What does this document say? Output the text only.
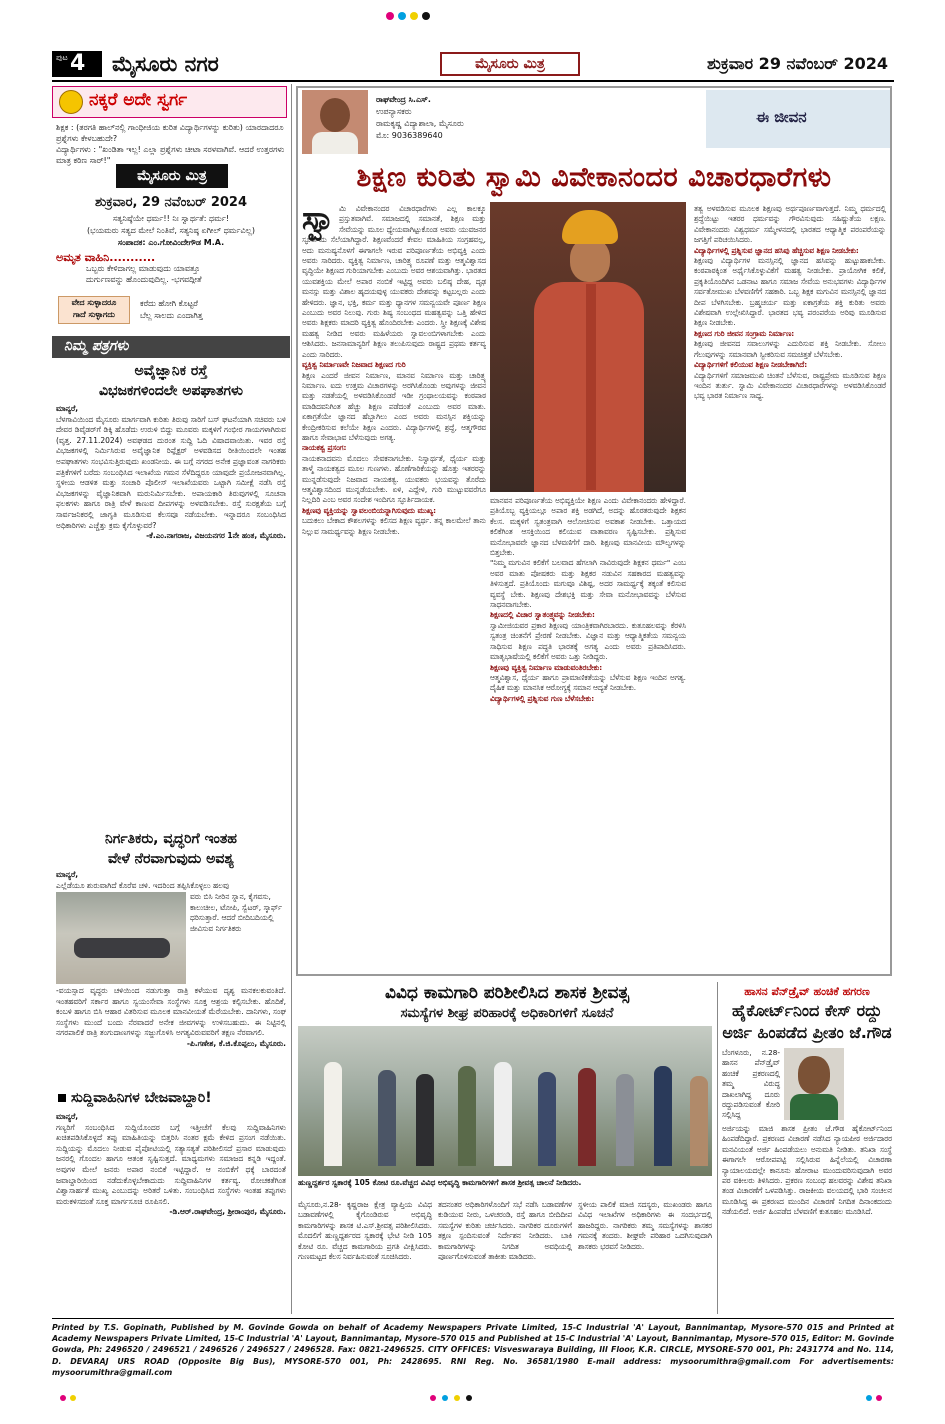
ಪುಟ 4 ಮೈಸೂರು ನಗರ	ಮೈಸೂರು ಮಿತ್ರ	ಶುಕ್ರವಾರ 29 ನವೆಂಬರ್ 2024
ನಕ್ಕರೆ ಅದೇ ಸ್ವರ್ಗ

ಶಿಕ್ಷಕ : (ತರಗತಿ ಹಾಲ್‌ನಲ್ಲಿ ಗಾಂಧೀಜಿಯ ಕುರಿತ ವಿದ್ಯಾರ್ಥಿಗಳನ್ನು ಕುರಿತು) ಯಾರದಾದರೂ ಪ್ರಶ್ನೆಗಳು ಕೇಳಬಹುದೇ?

ವಿದ್ಯಾರ್ಥಿಗಳು : "ಖಂಡಿತಾ ಇಲ್ಲ! ಎಲ್ಲಾ ಪ್ರಶ್ನೆಗಳು ಚೀಟಾ ಸರಳವಾಗಿವೆ. ಆದರೆ ಉತ್ತರಗಳು ಮಾತ್ರ ಕಠಿಣ ಸಾರ್!"

ಮೈಸೂರು ಮಿತ್ರ
ಶುಕ್ರವಾರ, 29 ನವೆಂಬರ್ 2024
ಸತ್ಯನಿಷ್ಠೆಯೇ ಧರ್ಮ!! ನಿಃ ಸ್ವಾರ್ಥತೆ: ಧರ್ಮ!
(ಭಯಮರು ಸತ್ಯದ ಮೇಲೆ ನಿಂತಿವೆ, ಸತ್ಯನಿಷ್ಠ ಏಗೀಲ್‌ ಧರ್ಮವಿಲ್ಲ)
ಸಂಪಾದಕ: ಎಂ.ಗೋವಿಂದೇಗೌಡ M.A.
ಅಮೃತ ವಾಹಿನಿ...........
ಒಬ್ಬರು ಕೇಳಿದಾಗಲ್ಲ ಮಾಡುವುದು ಯಾವತ್ತೂ
ದುರ್ಗುಣವನ್ನು ಹೊಂದುವುದಿಲ್ಲ. -ಭಗವದ್ಗೀತೆ
ವೇದ ಸುಳ್ಳಾದರೂ
ಗಾದೆ ಸುಳ್ಳಾಗದು
ಕರೆದು ಹೋಗಿ ಕೊಟ್ಟರೆ
ಬೆಲ್ಲ ಸಾಲದು ಎಂದಾಗಿತ್ತ
ನಿಮ್ಮ ಪತ್ರಗಳು
ಅವೈಜ್ಞಾನಿಕ ರಸ್ತೆ
ವಿಭಜಕಗಳಿಂದಲೇ ಅಪಘಾತಗಳು
ಮಾನ್ಯರೆ,
ಬೆಳಗಾವಿಯಿಂದ ಮೈಸೂರು ಮಾರ್ಗವಾಗಿ ಕುರಿತು ತಿರುವು ಸಾರಿಗೆ ಬಸ್ ಘಟನೆಯಾಗಿ ಸಚಿವರು ಬಳಿ ದೇವರ ಡಿವೈಡರ್‌ಗೆ ಡಿಕ್ಕಿ ಹೊಡೆದು ಉರುಳಿ ಬಿದ್ದು ಮೂವರು ಮಕ್ಕಳಿಗೆ ಗಂಭೀರ ಗಾಯಗಳಾಗಿರುವ (ವೃತ್ತ. 27.11.2024) ಅವಘಡದ ದುರಂತ ಸುದ್ದಿ ಓದಿ ವಿಷಾದವಾಯಿತು. ಇವರ ರಸ್ತೆ ವಿಭಜಕಗಳಲ್ಲಿ ನಿರ್ಮಿಸಿರುವ ಅವೈಜ್ಞಾನಿಕ ರಿಫ್ಲೆಕ್ಟರ್ ಅಳವಡಿಸದ ರೀತಿಯಿಂದಲೇ ಇಂತಹ ಅಪಘಾತಗಳು ಸಂಭವಿಸುತ್ತಿರುವುದು ಖಂಡನೀಯ. ಈ ಬಗ್ಗೆ ನಗರದ ಅನೇಕ ಪ್ರಜ್ಞಾವಂತ ನಾಗರಿಕರು ಪತ್ರಿಕೆಗಳಿಗೆ ಬರೆದು ಸಂಬಂಧಿಸಿದ ಇಲಾಖೆಯ ಗಮನ ಸೆಳೆದಿದ್ದರೂ ಯಾವುದೇ ಪ್ರಯೋಜನವಾಗಿಲ್ಲ. ಸ್ಥಳೀಯ ಆಡಳಿತ ಮತ್ತು ಸಂಚಾರಿ ಪೊಲೀಸ್ ಇಲಾಖೆಯವರು ಒಟ್ಟಾಗಿ ಸಮೀಕ್ಷೆ ನಡೆಸಿ ರಸ್ತೆ ವಿಭಜಕಗಳನ್ನು ವೈಜ್ಞಾನಿಕವಾಗಿ ಮರುನಿರ್ಮಿಸಬೇಕು. ಅಪಾಯಕಾರಿ ತಿರುವುಗಳಲ್ಲಿ ಸೂಚನಾ ಫಲಕಗಳು ಹಾಗೂ ರಾತ್ರಿ ವೇಳೆ ಕಾಣುವ ದೀಪಗಳನ್ನು ಅಳವಡಿಸಬೇಕು. ರಸ್ತೆ ಸುರಕ್ಷತೆಯ ಬಗ್ಗೆ ಸಾರ್ವಜನಿಕರಲ್ಲಿ ಜಾಗೃತಿ ಮೂಡಿಸುವ ಕೆಲಸವೂ ನಡೆಯಬೇಕು. ಇನ್ನಾದರೂ ಸಂಬಂಧಿಸಿದ ಅಧಿಕಾರಿಗಳು ಎಚ್ಚೆತ್ತು ಕ್ರಮ ಕೈಗೊಳ್ಳುವರೆ?
-ಕೆ.ಎಂ.ನಾಗರಾಜ, ವಿಜಯನಗರ 1ನೇ ಹಂತ, ಮೈಸೂರು.
ನಿರ್ಗತಿಕರು, ವೃದ್ಧರಿಗೆ ಇಂತಹ
ವೇಳೆ ನೆರವಾಗುವುದು ಅವಶ್ಯ
ಮಾನ್ಯರೆ,
ಎಲ್ಲೆಡೆಯೂ ಶುರುವಾಗಿದೆ ಕೊರೆವ ಚಳಿ. ಇದರಿಂದ ತಪ್ಪಿಸಿಕೊಳ್ಳಲು ಹಲವು
ವರು ಬಿಸಿ ನೀರಿನ ಸ್ನಾನ, ಕೈಗವಸು, ಕಾಲುಚೀಲ, ಟೋಪಿ, ಸ್ವೆಟರ್, ಸ್ಕಾರ್ಫ್ ಧರಿಸುತ್ತಾರೆ. ಆದರೆ ಬೀದಿಬದಿಯಲ್ಲಿ ಜೀವಿಸುವ ನಿರ್ಗತಿಕರು
-ವಯಸ್ಸಾದ ವೃದ್ಧರು ಚಳಿಯಿಂದ ನಡುಗುತ್ತಾ ರಾತ್ರಿ ಕಳೆಯುವ ದೃಶ್ಯ ಮನಕಲಕುವಂತಿದೆ. ಇಂತಹವರಿಗೆ ಸರ್ಕಾರ ಹಾಗೂ ಸ್ವಯಂಸೇವಾ ಸಂಸ್ಥೆಗಳು ಸೂಕ್ತ ಆಶ್ರಯ ಕಲ್ಪಿಸಬೇಕು. ಹೊದಿಕೆ, ಕಂಬಳಿ ಹಾಗೂ ಬಿಸಿ ಆಹಾರ ವಿತರಿಸುವ ಮೂಲಕ ಮಾನವೀಯತೆ ಮೆರೆಯಬೇಕು. ದಾನಿಗಳು, ಸಂಘ ಸಂಸ್ಥೆಗಳು ಮುಂದೆ ಬಂದು ನೆರವಾದರೆ ಅನೇಕ ಜೀವಗಳನ್ನು ಉಳಿಸಬಹುದು. ಈ ನಿಟ್ಟಿನಲ್ಲಿ ನಗರಪಾಲಿಕೆ ರಾತ್ರಿ ತಂಗುದಾಣಗಳನ್ನು ಸಜ್ಜುಗೊಳಿಸಿ ಅಗತ್ಯವಿರುವವರಿಗೆ ತಕ್ಷಣ ನೆರವಾಗಲಿ.
-ಪಿ.ಗಣೇಶ, ಕೆ.ಜಿ.ಕೊಪ್ಪಲು, ಮೈಸೂರು.
ಸುದ್ದಿವಾಹಿನಿಗಳ ಬೇಜವಾಬ್ದಾರಿ!
ಮಾನ್ಯರೆ,
ಗಣ್ಯರಿಗೆ ಸಂಬಂಧಿಸಿದ ಸುದ್ದಿಯೊಂದರ ಬಗ್ಗೆ ಇತ್ತೀಚೆಗೆ ಕೆಲವು ಸುದ್ದಿವಾಹಿನಿಗಳು ಖಚಿತಪಡಿಸಿಕೊಳ್ಳದೆ ತಪ್ಪು ಮಾಹಿತಿಯನ್ನು ಬಿತ್ತರಿಸಿ ನಂತರ ಕ್ಷಮೆ ಕೇಳಿದ ಪ್ರಸಂಗ ನಡೆಯಿತು. ಸುದ್ದಿಯನ್ನು ಮೊದಲು ನೀಡುವ ಪೈಪೋಟಿಯಲ್ಲಿ ಸತ್ಯಾಸತ್ಯತೆ ಪರಿಶೀಲಿಸದೆ ಪ್ರಸಾರ ಮಾಡುವುದು ಜನರಲ್ಲಿ ಗೊಂದಲ ಹಾಗೂ ಆತಂಕ ಸೃಷ್ಟಿಸುತ್ತದೆ. ಮಾಧ್ಯಮಗಳು ಸಮಾಜದ ಕನ್ನಡಿ ಇದ್ದಂತೆ. ಅವುಗಳ ಮೇಲೆ ಜನರು ಅಪಾರ ನಂಬಿಕೆ ಇಟ್ಟಿದ್ದಾರೆ. ಆ ನಂಬಿಕೆಗೆ ಧಕ್ಕೆ ಬಾರದಂತೆ ಜವಾಬ್ದಾರಿಯಿಂದ ನಡೆದುಕೊಳ್ಳಬೇಕಾದುದು ಸುದ್ದಿವಾಹಿನಿಗಳ ಕರ್ತವ್ಯ. ರೋಚಕತೆಗಿಂತ ವಿಶ್ವಾಸಾರ್ಹತೆ ಮುಖ್ಯ ಎಂಬುದನ್ನು ಅರಿತರೆ ಒಳಿತು. ಸಂಬಂಧಿಸಿದ ಸಂಸ್ಥೆಗಳು ಇಂತಹ ತಪ್ಪುಗಳು ಮರುಕಳಿಸದಂತೆ ಸೂಕ್ತ ಮಾರ್ಗಸೂಚಿ ರೂಪಿಸಲಿ.
-ಡಿ.ಆರ್.ರಾಘವೇಂದ್ರ, ಶ್ರೀರಾಂಪುರ, ಮೈಸೂರು.
ರಾಘವೇಂದ್ರ ಸಿ.ಎಸ್.
ಉಪನ್ಯಾಸಕರು
ರಾಮಕೃಷ್ಣ ವಿದ್ಯಾಶಾಲಾ, ಮೈಸೂರು
ಮೊ: 9036389640
ಈ ಜೀವನ
ಶಿಕ್ಷಣ ಕುರಿತು ಸ್ವಾಮಿ ವಿವೇಕಾನಂದರ ವಿಚಾರಧಾರೆಗಳು
ಸ್ವಾ ಮಿ ವಿವೇಕಾನಂದರ ವಿಚಾರಧಾರೆಗಳು ಎಲ್ಲ ಕಾಲಕ್ಕೂ ಪ್ರಸ್ತುತವಾಗಿವೆ. ಸಮಾಜದಲ್ಲಿ ಸಮಾನತೆ, ಶಿಕ್ಷಣ ಮತ್ತು ಸೇವೆಯನ್ನು ಮೂಲ ಧ್ಯೇಯವಾಗಿಟ್ಟುಕೊಂಡ ಅವರು ಯುವಜನರ ಸ್ಫೂರ್ತಿಯ ಸೆಲೆಯಾಗಿದ್ದಾರೆ. ಶಿಕ್ಷಣವೆಂದರೆ ಕೇವಲ ಮಾಹಿತಿಯ ಸಂಗ್ರಹವಲ್ಲ, ಅದು ಮನುಷ್ಯನೊಳಗೆ ಈಗಾಗಲೇ ಇರುವ ಪರಿಪೂರ್ಣತೆಯ ಅಭಿವ್ಯಕ್ತಿ ಎಂದು ಅವರು ಸಾರಿದರು. ವ್ಯಕ್ತಿತ್ವ ನಿರ್ಮಾಣ, ಚಾರಿತ್ರ್ಯ ರೂಪಣೆ ಮತ್ತು ಆತ್ಮವಿಶ್ವಾಸದ ವೃದ್ಧಿಯೇ ಶಿಕ್ಷಣದ ಗುರಿಯಾಗಬೇಕು ಎಂಬುದು ಅವರ ಆಶಯವಾಗಿತ್ತು. ಭಾರತದ ಯುವಶಕ್ತಿಯ ಮೇಲೆ ಅಪಾರ ನಂಬಿಕೆ ಇಟ್ಟಿದ್ದ ಅವರು ಬಲಿಷ್ಠ ದೇಹ, ದೃಢ ಮನಸ್ಸು ಮತ್ತು ವಿಶಾಲ ಹೃದಯವುಳ್ಳ ಯುವಕರು ದೇಶವನ್ನು ಕಟ್ಟಬಲ್ಲರು ಎಂದು ಹೇಳಿದರು. ಜ್ಞಾನ, ಭಕ್ತಿ, ಕರ್ಮ ಮತ್ತು ಧ್ಯಾನಗಳ ಸಮನ್ವಯವೇ ಪೂರ್ಣ ಶಿಕ್ಷಣ ಎಂಬುದು ಅವರ ನಿಲುವು. ಗುರು ಶಿಷ್ಯ ಸಂಬಂಧದ ಮಹತ್ವವನ್ನು ಒತ್ತಿ ಹೇಳಿದ ಅವರು ಶಿಕ್ಷಕರು ಮಾದರಿ ವ್ಯಕ್ತಿತ್ವ ಹೊಂದಿರಬೇಕು ಎಂದರು. ಸ್ತ್ರೀ ಶಿಕ್ಷಣಕ್ಕೆ ವಿಶೇಷ ಮಹತ್ವ ನೀಡಿದ ಅವರು ಮಹಿಳೆಯರು ಸ್ವಾವಲಂಬಿಗಳಾಗಬೇಕು ಎಂದು ಆಶಿಸಿದರು. ಜನಸಾಮಾನ್ಯರಿಗೆ ಶಿಕ್ಷಣ ತಲುಪಿಸುವುದು ರಾಷ್ಟ್ರದ ಪ್ರಥಮ ಕರ್ತವ್ಯ ಎಂದು ಸಾರಿದರು.
ವ್ಯಕ್ತಿತ್ವ ನಿರ್ಮಾಣವೇ ನಿಜವಾದ ಶಿಕ್ಷಣದ ಗುರಿ
ಶಿಕ್ಷಣ ಎಂದರೆ ಜೀವನ ನಿರ್ಮಾಣ, ಮಾನವ ನಿರ್ಮಾಣ ಮತ್ತು ಚಾರಿತ್ರ್ಯ ನಿರ್ಮಾಣ. ಐದು ಉತ್ತಮ ವಿಚಾರಗಳನ್ನು ಅರಗಿಸಿಕೊಂಡು ಅವುಗಳನ್ನು ಜೀವನ ಮತ್ತು ನಡತೆಯಲ್ಲಿ ಅಳವಡಿಸಿಕೊಂಡರೆ ಇಡೀ ಗ್ರಂಥಾಲಯವನ್ನು ಕಂಠಪಾಠ ಮಾಡಿದವನಿಗಿಂತ ಹೆಚ್ಚು ಶಿಕ್ಷಣ ಪಡೆದಂತೆ ಎಂಬುದು ಅವರ ಮಾತು. ಏಕಾಗ್ರತೆಯೇ ಜ್ಞಾನದ ಹೆಬ್ಬಾಗಿಲು ಎಂದ ಅವರು ಮನಸ್ಸಿನ ಶಕ್ತಿಯನ್ನು ಕೇಂದ್ರೀಕರಿಸುವ ಕಲೆಯೇ ಶಿಕ್ಷಣ ಎಂದರು. ವಿದ್ಯಾರ್ಥಿಗಳಲ್ಲಿ ಶ್ರದ್ಧೆ, ಆತ್ಮಗೌರವ ಹಾಗೂ ಸೇವಾಭಾವ ಬೆಳೆಸುವುದು ಅಗತ್ಯ.
ನಾಯಕತ್ವ ಪ್ರಸಂಗ:
ನಾಯಕನಾದವನು ಮೊದಲು ಸೇವಕನಾಗಬೇಕು. ನಿಸ್ವಾರ್ಥತೆ, ಧೈರ್ಯ ಮತ್ತು ತಾಳ್ಮೆ ನಾಯಕತ್ವದ ಮೂಲ ಗುಣಗಳು. ಹೊಣೆಗಾರಿಕೆಯನ್ನು ಹೊತ್ತು ಇತರರನ್ನು ಮುನ್ನಡೆಸುವುದೇ ನಿಜವಾದ ನಾಯಕತ್ವ. ಯುವಕರು ಭಯವನ್ನು ತೊರೆದು ಆತ್ಮವಿಶ್ವಾಸದಿಂದ ಮುನ್ನಡೆಯಬೇಕು. ಏಳಿ, ಎದ್ದೇಳಿ, ಗುರಿ ಮುಟ್ಟುವವರೆಗೂ ನಿಲ್ಲದಿರಿ ಎಂಬ ಅವರ ಸಂದೇಶ ಇಂದಿಗೂ ಸ್ಫೂರ್ತಿದಾಯಕ.
ಶಿಕ್ಷಣವು ವ್ಯಕ್ತಿಯನ್ನು ಸ್ವಾವಲಂಬಿಯನ್ನಾಗಿಸುವುದು ಮುಖ್ಯ:
ಬದುಕಲು ಬೇಕಾದ ಕೌಶಲಗಳನ್ನು ಕಲಿಸದ ಶಿಕ್ಷಣ ವ್ಯರ್ಥ. ತನ್ನ ಕಾಲಮೇಲೆ ತಾನು ನಿಲ್ಲುವ ಸಾಮರ್ಥ್ಯವನ್ನು ಶಿಕ್ಷಣ ನೀಡಬೇಕು.
ಮಾನವನ ಪರಿಪೂರ್ಣತೆಯ ಅಭಿವ್ಯಕ್ತಿಯೇ ಶಿಕ್ಷಣ ಎಂದು ವಿವೇಕಾನಂದರು ಹೇಳಿದ್ದಾರೆ. ಪ್ರತಿಯೊಬ್ಬ ವ್ಯಕ್ತಿಯಲ್ಲೂ ಅಪಾರ ಶಕ್ತಿ ಅಡಗಿದೆ, ಅದನ್ನು ಹೊರತರುವುದೇ ಶಿಕ್ಷಕನ ಕೆಲಸ. ಮಕ್ಕಳಿಗೆ ಸ್ವತಂತ್ರವಾಗಿ ಆಲೋಚಿಸುವ ಅವಕಾಶ ನೀಡಬೇಕು. ಒತ್ತಾಯದ ಕಲಿಕೆಗಿಂತ ಆಸಕ್ತಿಯಿಂದ ಕಲಿಯುವ ವಾತಾವರಣ ಸೃಷ್ಟಿಸಬೇಕು. ಪ್ರಶ್ನಿಸುವ ಮನೋಭಾವವೇ ಜ್ಞಾನದ ಬೆಳವಣಿಗೆಗೆ ದಾರಿ. ಶಿಕ್ಷಣವು ಮಾನವೀಯ ಮೌಲ್ಯಗಳನ್ನು ಬಿತ್ತಬೇಕು.
"ನಿಮ್ಮ ಮಗುವಿನ ಕಲಿಕೆಗೆ ಬಲವಾದ ಹೆಗಲಾಗಿ ನಾವಿರುವುದೇ ಶಿಕ್ಷಕನ ಧರ್ಮ" ಎಂಬ ಅವರ ಮಾತು ಪೋಷಕರು ಮತ್ತು ಶಿಕ್ಷಕರ ನಡುವಿನ ಸಹಕಾರದ ಮಹತ್ವವನ್ನು ತಿಳಿಸುತ್ತದೆ. ಪ್ರತಿಯೊಂದು ಮಗುವೂ ವಿಶಿಷ್ಟ, ಅದರ ಸಾಮರ್ಥ್ಯಕ್ಕೆ ತಕ್ಕಂತೆ ಕಲಿಸುವ ವ್ಯವಸ್ಥೆ ಬೇಕು. ಶಿಕ್ಷಣವು ದೇಶಭಕ್ತಿ ಮತ್ತು ಸೇವಾ ಮನೋಭಾವವನ್ನು ಬೆಳೆಸುವ ಸಾಧನವಾಗಬೇಕು.
ಶಿಕ್ಷಣದಲ್ಲಿ ವಿಚಾರ ಸ್ವಾತಂತ್ರ್ಯವನ್ನು ನೀಡಬೇಕು:
ಸ್ವಾಮೀಜಿಯವರ ಪ್ರಕಾರ ಶಿಕ್ಷಣವು ಯಾಂತ್ರಿಕವಾಗಿರಬಾರದು. ಕುತೂಹಲವನ್ನು ಕೆರಳಿಸಿ ಸ್ವತಂತ್ರ ಚಿಂತನೆಗೆ ಪ್ರೇರಣೆ ನೀಡಬೇಕು. ವಿಜ್ಞಾನ ಮತ್ತು ಆಧ್ಯಾತ್ಮಿಕತೆಯ ಸಮನ್ವಯ ಸಾಧಿಸುವ ಶಿಕ್ಷಣ ಪದ್ಧತಿ ಭಾರತಕ್ಕೆ ಅಗತ್ಯ ಎಂದು ಅವರು ಪ್ರತಿಪಾದಿಸಿದರು. ಮಾತೃಭಾಷೆಯಲ್ಲಿ ಕಲಿಕೆಗೆ ಅವರು ಒತ್ತು ನೀಡಿದ್ದರು.
ಶಿಕ್ಷಣವು ವ್ಯಕ್ತಿತ್ವ ನಿರ್ಮಾಣ ಮಾಡುವಂತಿರಬೇಕು:
ಆತ್ಮವಿಶ್ವಾಸ, ಧೈರ್ಯ ಹಾಗೂ ಪ್ರಾಮಾಣಿಕತೆಯನ್ನು ಬೆಳೆಸುವ ಶಿಕ್ಷಣ ಇಂದಿನ ಅಗತ್ಯ. ದೈಹಿಕ ಮತ್ತು ಮಾನಸಿಕ ಆರೋಗ್ಯಕ್ಕೆ ಸಮಾನ ಆದ್ಯತೆ ನೀಡಬೇಕು.
ವಿದ್ಯಾರ್ಥಿಗಳಲ್ಲಿ ಪ್ರಶ್ನಿಸುವ ಗುಣ ಬೆಳೆಸಬೇಕು:
ತತ್ವ ಅಳವಡಿಸುವ ಮೂಲಕ ಶಿಕ್ಷಣವು ಅರ್ಥಪೂರ್ಣವಾಗುತ್ತದೆ. ನಿಮ್ಮ ಧರ್ಮದಲ್ಲಿ ಶ್ರದ್ಧೆಯಿಟ್ಟು ಇತರರ ಧರ್ಮವನ್ನು ಗೌರವಿಸುವುದು ಸಹಿಷ್ಣುತೆಯ ಲಕ್ಷಣ. ವಿವೇಕಾನಂದರು ವಿಶ್ವಧರ್ಮ ಸಮ್ಮೇಳನದಲ್ಲಿ ಭಾರತದ ಆಧ್ಯಾತ್ಮಿಕ ಪರಂಪರೆಯನ್ನು ಜಗತ್ತಿಗೆ ಪರಿಚಯಿಸಿದರು.
ವಿದ್ಯಾರ್ಥಿಗಳಲ್ಲಿ ಪ್ರಶ್ನಿಸುವ ಜ್ಞಾನದ ಹಸಿವು ಹೆಚ್ಚಿಸುವ ಶಿಕ್ಷಣ ನೀಡಬೇಕು:
ಶಿಕ್ಷಣವು ವಿದ್ಯಾರ್ಥಿಗಳ ಮನಸ್ಸಿನಲ್ಲಿ ಜ್ಞಾನದ ಹಸಿವನ್ನು ಹುಟ್ಟುಹಾಕಬೇಕು. ಕಂಠಪಾಠಕ್ಕಿಂತ ಅರ್ಥೈಸಿಕೊಳ್ಳುವಿಕೆಗೆ ಮಹತ್ವ ನೀಡಬೇಕು. ಪ್ರಾಯೋಗಿಕ ಕಲಿಕೆ, ಪ್ರಕೃತಿಯೊಂದಿಗಿನ ಒಡನಾಟ ಹಾಗೂ ಸಮಾಜ ಸೇವೆಯ ಅನುಭವಗಳು ವಿದ್ಯಾರ್ಥಿಗಳ ಸರ್ವತೋಮುಖ ಬೆಳವಣಿಗೆಗೆ ಸಹಕಾರಿ. ಒಬ್ಬ ಶಿಕ್ಷಕ ಮಗುವಿನ ಮನಸ್ಸಿನಲ್ಲಿ ಜ್ಞಾನದ ದೀಪ ಬೆಳಗಿಸಬೇಕು. ಬ್ರಹ್ಮಚರ್ಯ ಮತ್ತು ಏಕಾಗ್ರತೆಯ ಶಕ್ತಿ ಕುರಿತು ಅವರು ವಿಶೇಷವಾಗಿ ಉಲ್ಲೇಖಿಸಿದ್ದಾರೆ. ಭಾರತದ ಭವ್ಯ ಪರಂಪರೆಯ ಅರಿವು ಮೂಡಿಸುವ ಶಿಕ್ಷಣ ನೀಡಬೇಕು.
ಶಿಕ್ಷಣದ ಗುರಿ ಜೀವನ ಸಂಗ್ರಾಮ ನಿರ್ಮಾಣ:
ಶಿಕ್ಷಣವು ಜೀವನದ ಸವಾಲುಗಳನ್ನು ಎದುರಿಸುವ ಶಕ್ತಿ ನೀಡಬೇಕು. ಸೋಲು ಗೆಲುವುಗಳನ್ನು ಸಮಾನವಾಗಿ ಸ್ವೀಕರಿಸುವ ಸಮಚಿತ್ತತೆ ಬೆಳೆಸಬೇಕು.
ವಿದ್ಯಾರ್ಥಿಗಳಿಗೆ ಕಲಿಯುವ ಶಿಕ್ಷಣ ನೀಡಬೇಕಾಗಿದೆ:
ವಿದ್ಯಾರ್ಥಿಗಳಿಗೆ ಸಮಾಜಮುಖಿ ಚಿಂತನೆ ಬೆಳೆಸುವ, ರಾಷ್ಟ್ರಪ್ರೇಮ ಮೂಡಿಸುವ ಶಿಕ್ಷಣ ಇಂದಿನ ತುರ್ತು. ಸ್ವಾಮಿ ವಿವೇಕಾನಂದರ ವಿಚಾರಧಾರೆಗಳನ್ನು ಅಳವಡಿಸಿಕೊಂಡರೆ ಭವ್ಯ ಭಾರತ ನಿರ್ಮಾಣ ಸಾಧ್ಯ.
ವಿವಿಧ ಕಾಮಗಾರಿ ಪರಿಶೀಲಿಸಿದ ಶಾಸಕ ಶ್ರೀವತ್ಸ
ಸಮಸ್ಯೆಗಳ ಶೀಘ್ರ ಪರಿಹಾರಕ್ಕೆ ಅಧಿಕಾರಿಗಳಿಗೆ ಸೂಚನೆ
ಹುಣ್ಣದ್ದರ್ಶರ ಸ್ವಕಾರಕ್ಕೆ 105 ಕೋಟಿ ರೂ.ವೆಚ್ಚದ ವಿವಿಧ ಅಭಿವೃದ್ಧಿ ಕಾಮಗಾರಿಗಳಿಗೆ ಶಾಸಕ ಶ್ರೀವತ್ಸ ಚಾಲನೆ ನೀಡಿದರು.
ಮೈಸೂರು,ನ.28- ಕೃಷ್ಣರಾಜ ಕ್ಷೇತ್ರ ವ್ಯಾಪ್ತಿಯ ವಿವಿಧ ಬಡಾವಣೆಗಳಲ್ಲಿ ಕೈಗೊಂಡಿರುವ ಅಭಿವೃದ್ಧಿ ಕಾಮಗಾರಿಗಳನ್ನು ಶಾಸಕ ಟಿ.ಎಸ್.ಶ್ರೀವತ್ಸ ಪರಿಶೀಲಿಸಿದರು. ಮೊದಲಿಗೆ ಹುಣ್ಣದ್ದರ್ಶರದ ಸ್ವಕಾರಕ್ಕೆ ಭೇಟಿ ನೀಡಿ 105 ಕೋಟಿ ರೂ. ವೆಚ್ಚದ ಕಾಮಗಾರಿಯ ಪ್ರಗತಿ ವೀಕ್ಷಿಸಿದರು. ಗುಣಮಟ್ಟದ ಕೆಲಸ ನಿರ್ವಹಿಸುವಂತೆ ಸೂಚಿಸಿದರು.
ತದನಂತರ ಅಧಿಕಾರಿಗಳೊಂದಿಗೆ ಸಭೆ ನಡೆಸಿ ಬಡಾವಣೆಗಳ ಕುಡಿಯುವ ನೀರು, ಒಳಚರಂಡಿ, ರಸ್ತೆ ಹಾಗೂ ಬೀದಿದೀಪ ಸಮಸ್ಯೆಗಳ ಕುರಿತು ಚರ್ಚಿಸಿದರು. ನಾಗರಿಕರ ದೂರುಗಳಿಗೆ ತಕ್ಷಣ ಸ್ಪಂದಿಸುವಂತೆ ನಿರ್ದೇಶನ ನೀಡಿದರು. ಬಾಕಿ ಕಾಮಗಾರಿಗಳನ್ನು ನಿಗದಿತ ಅವಧಿಯಲ್ಲಿ ಪೂರ್ಣಗೊಳಿಸುವಂತೆ ತಾಕೀತು ಮಾಡಿದರು.
ಸ್ಥಳೀಯ ಪಾಲಿಕೆ ಮಾಜಿ ಸದಸ್ಯರು, ಮುಖಂಡರು ಹಾಗೂ ವಿವಿಧ ಇಲಾಖೆಗಳ ಅಧಿಕಾರಿಗಳು ಈ ಸಂದರ್ಭದಲ್ಲಿ ಹಾಜರಿದ್ದರು. ನಾಗರಿಕರು ತಮ್ಮ ಸಮಸ್ಯೆಗಳನ್ನು ಶಾಸಕರ ಗಮನಕ್ಕೆ ತಂದರು. ಶೀಘ್ರವೇ ಪರಿಹಾರ ಒದಗಿಸುವುದಾಗಿ ಶಾಸಕರು ಭರವಸೆ ನೀಡಿದರು.
ಹಾಸನ ಪೆನ್‌ಡ್ರೈವ್ ಹಂಚಿಕೆ ಹಗರಣ
ಹೈಕೋರ್ಟ್‌ನಿಂದ ಕೇಸ್ ರದ್ದು
ಅರ್ಜಿ ಹಿಂಪಡೆದ ಪ್ರೀತಂ ಜೆ.ಗೌಡ
ಬೆಂಗಳೂರು, ನ.28-ಹಾಸನ ಪೆನ್‌ಡ್ರೈವ್ ಹಂಚಿಕೆ ಪ್ರಕರಣದಲ್ಲಿ ತಮ್ಮ ವಿರುದ್ಧ ದಾಖಲಾಗಿದ್ದ ದೂರು ರದ್ದುಪಡಿಸುವಂತೆ ಕೋರಿ ಸಲ್ಲಿಸಿದ್ದ
ಅರ್ಜಿಯನ್ನು ಮಾಜಿ ಶಾಸಕ ಪ್ರೀತಂ ಜೆ.ಗೌಡ ಹೈಕೋರ್ಟ್‌ನಿಂದ ಹಿಂಪಡೆದಿದ್ದಾರೆ. ಪ್ರಕರಣದ ವಿಚಾರಣೆ ನಡೆಸಿದ ನ್ಯಾಯಪೀಠ ಅರ್ಜಿದಾರರ ಮನವಿಯಂತೆ ಅರ್ಜಿ ಹಿಂಪಡೆಯಲು ಅನುಮತಿ ನೀಡಿತು. ತನಿಖಾ ಸಂಸ್ಥೆ ಈಗಾಗಲೇ ಆರೋಪಪಟ್ಟಿ ಸಲ್ಲಿಸಿರುವ ಹಿನ್ನೆಲೆಯಲ್ಲಿ ವಿಚಾರಣಾ ನ್ಯಾಯಾಲಯದಲ್ಲೇ ಕಾನೂನು ಹೋರಾಟ ಮುಂದುವರಿಸುವುದಾಗಿ ಅವರ ಪರ ವಕೀಲರು ತಿಳಿಸಿದರು. ಪ್ರಕರಣ ಸಂಬಂಧ ಹಲವರನ್ನು ವಿಶೇಷ ತನಿಖಾ ತಂಡ ವಿಚಾರಣೆಗೆ ಒಳಪಡಿಸಿತ್ತು. ರಾಜಕೀಯ ವಲಯದಲ್ಲಿ ಭಾರಿ ಸಂಚಲನ ಮೂಡಿಸಿದ್ದ ಈ ಪ್ರಕರಣದ ಮುಂದಿನ ವಿಚಾರಣೆ ನಿಗದಿತ ದಿನಾಂಕದಂದು ನಡೆಯಲಿದೆ. ಅರ್ಜಿ ಹಿಂಪಡೆದ ಬೆಳವಣಿಗೆ ಕುತೂಹಲ ಮೂಡಿಸಿದೆ.
Printed by T.S. Gopinath, Published by M. Govinde Gowda on behalf of Academy Newspapers Private Limited, 15-C Industrial 'A' Layout, Bannimantap, Mysore-570 015 and Printed at Academy Newspapers Private Limited, 15-C Industrial 'A' Layout, Bannimantap, Mysore-570 015 and Published at 15-C Industrial 'A' Layout, Bannimantap, Mysore-570 015, Editor: M. Govinde Gowda, Ph: 2496520 / 2496521 / 2496526 / 2496527 / 2496528. Fax: 0821-2496525. CITY OFFICES: Visveswaraya Building, III Floor, K.R. CIRCLE, MYSORE-570 001, Ph: 2431774 and No. 114, D. DEVARAJ URS ROAD (Opposite Big Bus), MYSORE-570 001, Ph: 2428695. RNI Reg. No. 36581/1980 E-mail address: mysoorumithra@gmail.com For advertisements: mysoorumithra@gmail.com
